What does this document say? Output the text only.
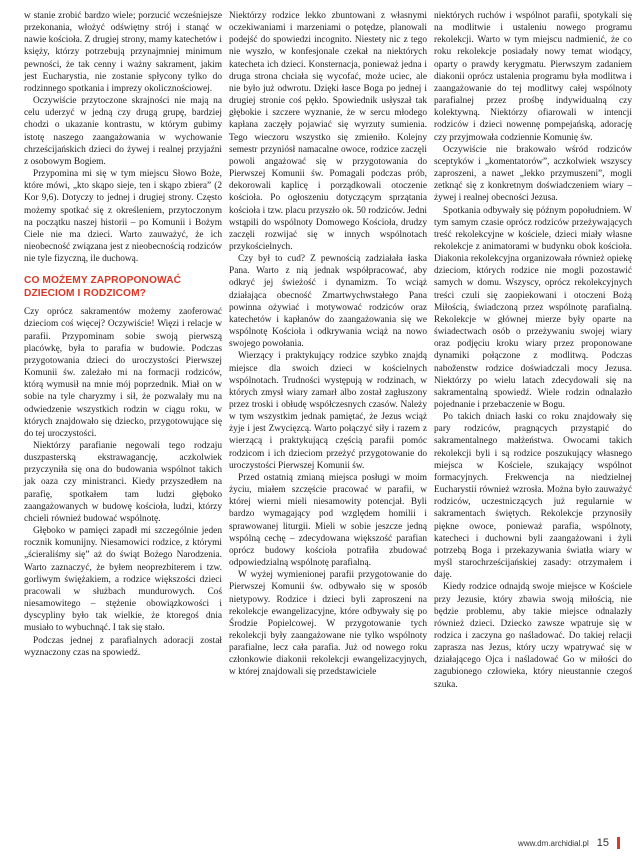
w stanie zrobić bardzo wiele; porzucić wcześniejsze przekonania, włożyć odświętny strój i stanąć w nawie kościoła. Z drugiej strony, mamy katechetów i księży, którzy potrzebują przynajmniej minimum pewności, że tak cenny i ważny sakrament, jakim jest Eucharystia, nie zostanie spłycony tylko do rodzinnego spotkania i imprezy okolicznościowej.

Oczywiście przytoczone skrajności nie mają na celu uderzyć w jedną czy drugą grupę, bardziej chodzi o ukazanie kontrastu, w którym gubimy istotę naszego zaangażowania w wychowanie chrześcijańskich dzieci do żywej i realnej przyjaźni z osobowym Bogiem.

Przypomina mi się w tym miejscu Słowo Boże, które mówi, „kto skąpo sieje, ten i skąpo zbiera” (2 Kor 9,6). Dotyczy to jednej i drugiej strony. Często możemy spotkać się z określeniem, przytoczonym na początku naszej historii – po Komunii i Bożym Ciele nie ma dzieci. Warto zauważyć, że ich nieobecność związana jest z nieobecnością rodziców nie tyle fizyczną, ile duchową.

CO MOŻEMY ZAPROPONOWAĆ DZIECIOM I RODZICOM?

Czy oprócz sakramentów możemy zaoferować dzieciom coś więcej? Oczywiście! Więzi i relacje w parafii. Przypominam sobie swoją pierwszą placówkę, była to parafia w budowie. Podczas przygotowania dzieci do uroczystości Pierwszej Komunii św. zależało mi na formacji rodziców, którą wymusił na mnie mój poprzednik. Miał on w sobie na tyle charyzmy i sił, że pozwalały mu na odwiedzenie wszystkich rodzin w ciągu roku, w których znajdowało się dziecko, przygotowujące się do tej uroczystości.

Niektórzy parafianie negowali tego rodzaju duszpasterską ekstrawagancję, aczkolwiek przyczyniła się ona do budowania wspólnot takich jak oaza czy ministranci. Kiedy przyszedłem na parafię, spotkałem tam ludzi głęboko zaangażowanych w budowę kościoła, ludzi, którzy chcieli również budować wspólnotę.

Głęboko w pamięci zapadł mi szczególnie jeden rocznik komunijny. Niesamowici rodzice, z którymi „ścieraliśmy się” aż do świąt Bożego Narodzenia. Warto zaznaczyć, że byłem neoprezbiterem i tzw. gorliwym świężakiem, a rodzice większości dzieci pracowali w służbach mundurowych. Coś niesamowitego – stężenie obowiązkowości i dyscypliny było tak wielkie, że ktoregoś dnia musiało to wybuchnąć. I tak się stało.

Podczas jednej z parafialnych adoracji został wyznaczony czas na spowiedź.

Niektórzy rodzice lekko zbuntowani z własnymi oczekiwaniami i marzeniami o potędze, planowali podejść do spowiedzi incognito. Niestety nic z tego nie wyszło, w konfesjonale czekał na niektórych katecheta ich dzieci. Konsternacja, ponieważ jedna i druga strona chciała się wycofać, może uciec, ale nie było już odwrotu. Dzięki łasce Boga po jednej i drugiej stronie coś pękło. Spowiednik usłyszał tak głębokie i szczere wyznanie, że w sercu młodego kapłana zaczęły pojawiać się wyrzuty sumienia. Tego wieczoru wszystko się zmieniło. Kolejny semestr przyniósł namacalne owoce, rodzice zaczęli powoli angażować się w przygotowania do Pierwszej Komunii św. Pomagali podczas prób, dekorowali kaplicę i porządkowali otoczenie kościoła. Po ogłoszeniu dotyczącym sprzątania kościoła i tzw. placu przyszło ok. 50 rodziców. Jedni wstąpili do wspólnoty Domowego Kościoła, drudzy zaczęli rozwijać się w innych wspólnotach przykościelnych.

Czy był to cud? Z pewnością zadziałała łaska Pana. Warto z nią jednak współpracować, aby odkryć jej świeżość i dynamizm. To wciąż działająca obecność Zmartwychwstałego Pana powinna ożywiać i motywować rodziców oraz katechetów i kapłanów do zaangażowania się we wspólnotę Kościoła i odkrywania wciąż na nowo swojego powołania.

Wierzący i praktykujący rodzice szybko znajdą miejsce dla swoich dzieci w kościelnych wspólnotach. Trudności występują w rodzinach, w których zmysł wiary zamarł albo został zagłuszony przez troski i obłudę współczesnych czasów. Należy w tym wszystkim jednak pamiętać, że Jezus wciąż żyje i jest Zwycięzcą. Warto połączyć siły i razem z wierzącą i praktykującą częścią parafii pomóc rodzicom i ich dzieciom przeżyć przygotowanie do uroczystości Pierwszej Komunii św.

Przed ostatnią zmianą miejsca posługi w moim życiu, miałem szczęście pracować w parafii, w której wierni mieli niesamowity potencjał. Byli bardzo wymagający pod względem homilii i sprawowanej liturgii. Mieli w sobie jeszcze jedną wspólną cechę – zdecydowana większość parafian oprócz budowy kościoła potrafiła zbudować odpowiedzialną wspólnotę parafialną.

W wyżej wymienionej parafii przygotowanie do Pierwszej Komunii św. odbywało się w sposób nietypowy. Rodzice i dzieci byli zaproszeni na rekolekcje ewangelizacyjne, które odbywały się po Środzie Popielcowej. W przygotowanie tych rekolekcji były zaangażowane nie tylko wspólnoty parafialne, lecz cała parafia. Już od nowego roku członkowie diakonii rekolekcji ewangelizacyjnych, w której znajdowali się przedstawiciele

niektórych ruchów i wspólnot parafii, spotykali się na modlitwie i ustaleniu nowego programu rekolekcji. Warto w tym miejscu nadmienić, że co roku rekolekcje posiadały nowy temat wiodący, oparty o prawdy kerygmatu. Pierwszym zadaniem diakonii oprócz ustalenia programu była modlitwa i zaangażowanie do tej modlitwy całej wspólnoty parafialnej przez prośbę indywidualną czy kolektywną. Niektórzy ofiarowali w intencji rodziców i dzieci nowennę pompejańską, adorację czy przyjmowała codziennie Komunię św.

Oczywiście nie brakowało wśród rodziców sceptyków i „komentatorów”, aczkolwiek wszyscy zaproszeni, a nawet „lekko przymuszeni”, mogli zetknąć się z konkretnym doświadczeniem wiary – żywej i realnej obecności Jezusa.

Spotkania odbywały się późnym popołudniem. W tym samym czasie oprócz rodziców przeżywających treść rekolekcyjne w kościele, dzieci miały własne rekolekcje z animatorami w budynku obok kościoła. Diakonia rekolekcyjna organizowała również opiekę dzieciom, których rodzice nie mogli pozostawić samych w domu. Wszyscy, oprócz rekolekcyjnych treści czuli się zaopiekowani i otoczeni Bożą Miłością, świadczoną przez wspólnotę parafialną. Rekolekcje w głównej mierze były oparte na świadectwach osób o przeżywaniu swojej wiary oraz podjęciu kroku wiary przez proponowane dynamiki połączone z modlitwą. Podczas naboženstw rodzice doświadczali mocy Jezusa. Niektórzy po wielu latach zdecydowali się na sakramentalną spowiedź. Wiele rodzin odnalazło pojednanie i przebaczenie w Bogu.

Po takich dniach łaski co roku znajdowały się pary rodziców, pragnących przystąpić do sakramentalnego małżeństwa. Owocami takich rekolekcji byli i są rodzice poszukujący własnego miejsca w Kościele, szukający wspólnot formacyjnych. Frekwencja na niedzielnej Eucharystii również wzrosła. Można było zauważyć rodziców, uczestniczących już regularnie w sakramentach świętych. Rekolekcje przynosiły piękne owoce, ponieważ parafia, wspólnoty, katecheci i duchowni byli zaangażowani i żyli potrzebą Boga i przekazywania światła wiary w myśl starochrześcijańskiej zasady: otrzymałem i daję.

Kiedy rodzice odnajdą swoje miejsce w Kościele przy Jezusie, który zbawia swoją miłością, nie będzie problemu, aby takie miejsce odnalazły również dzieci. Dziecko zawsze wpatruje się w rodzica i zaczyna go naśladować. Do takiej relacji zaprasza nas Jezus, który uczy wpatrywać się w działającego Ojca i naśladować Go w miłości do zagubionego człowieka, który nieustannie czegoś szuka.

www.dm.archidial.pl 15
